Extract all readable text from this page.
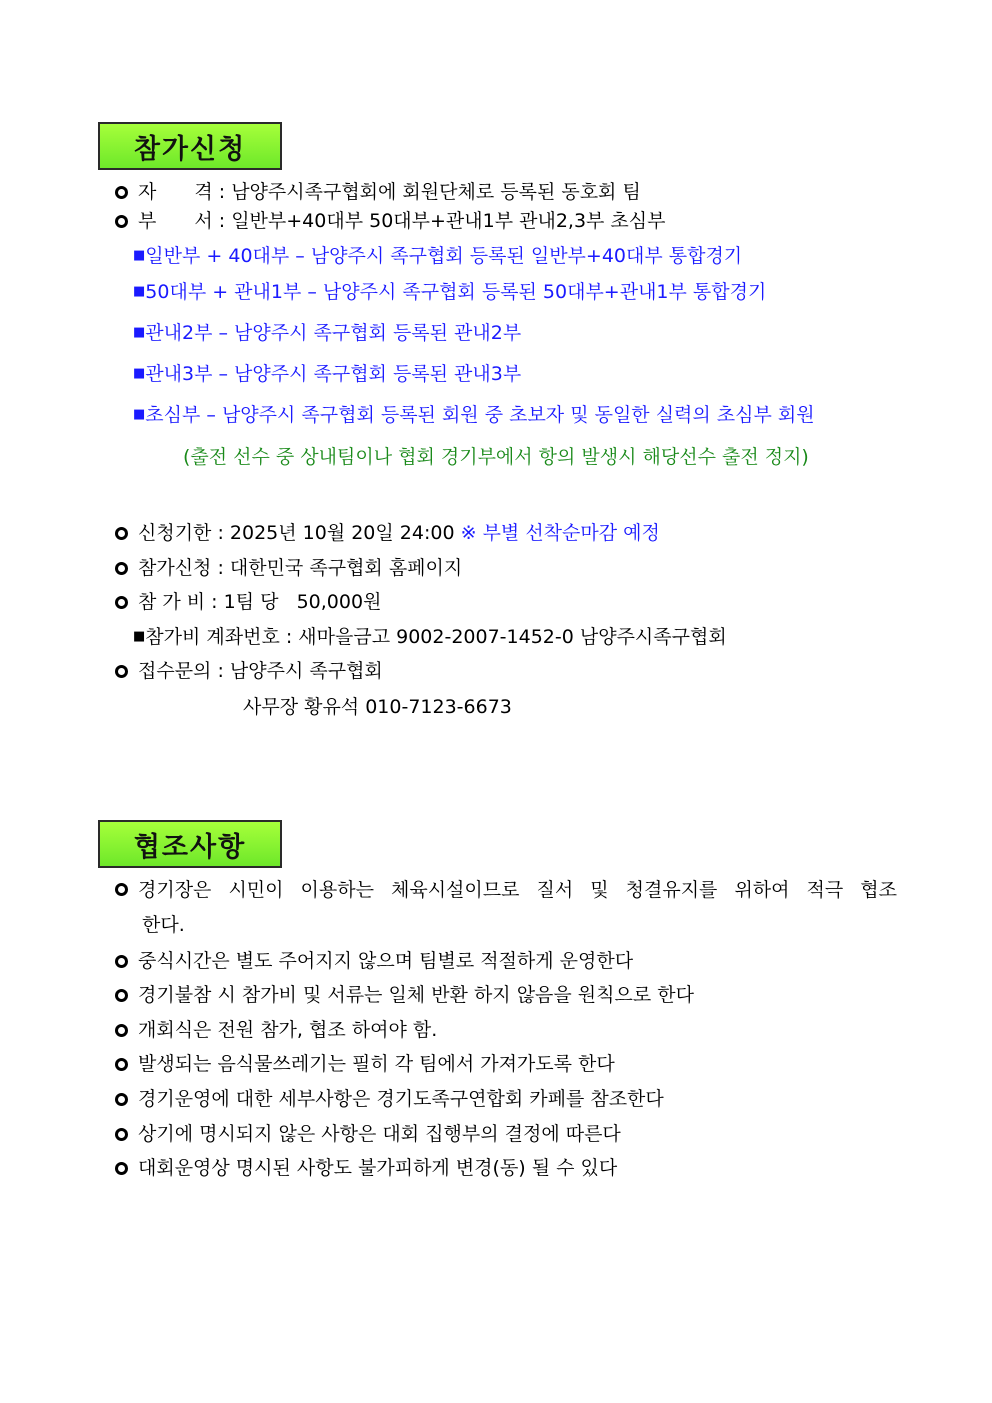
참가신청
자　　격 : 남양주시족구협회에 회원단체로 등록된 동호회 팀
부　　서 : 일반부+40대부 50대부+관내1부 관내2,3부 초심부
■일반부 + 40대부 – 남양주시 족구협회 등록된 일반부+40대부 통합경기
■50대부 + 관내1부 – 남양주시 족구협회 등록된 50대부+관내1부 통합경기
■관내2부 – 남양주시 족구협회 등록된 관내2부
■관내3부 – 남양주시 족구협회 등록된 관내3부
■초심부 – 남양주시 족구협회 등록된 회원 중 초보자 및 동일한 실력의 초심부 회원
(출전 선수 중 상내팀이나 협회 경기부에서 항의 발생시 해당선수 출전 정지)
신청기한 : 2025년 10월 20일 24:00 ※ 부별 선착순마감 예정
참가신청 : 대한민국 족구협회 홈페이지
참 가 비 : 1팀 당   50,000원
■참가비 계좌번호 : 새마을금고 9002-2007-1452-0 남양주시족구협회
접수문의 : 남양주시 족구협회
사무장 황유석 010-7123-6673
협조사항
경기장은 시민이 이용하는 체육시설이므로 질서 및 청결유지를 위하여 적극 협조
한다.
중식시간은 별도 주어지지 않으며 팀별로 적절하게 운영한다
경기불참 시 참가비 및 서류는 일체 반환 하지 않음을 원칙으로 한다
개회식은 전원 참가, 협조 하여야 함.
발생되는 음식물쓰레기는 필히 각 팀에서 가져가도록 한다
경기운영에 대한 세부사항은 경기도족구연합회 카페를 참조한다
상기에 명시되지 않은 사항은 대회 집행부의 결정에 따른다
대회운영상 명시된 사항도 불가피하게 변경(동) 될 수 있다
